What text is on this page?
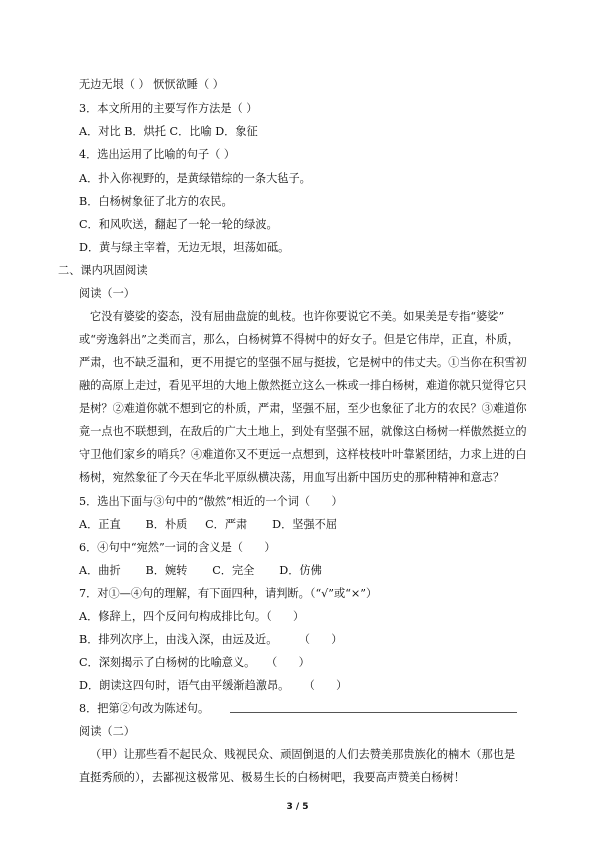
无边无垠（ ） 恹恹欲睡（ ）
3．本文所用的主要写作方法是（ ）
A．对比 B．烘托 C．比喻 D．象征
4．选出运用了比喻的句子（ ）
A．扑入你视野的，是黄绿错综的一条大毡子。
B．白杨树象征了北方的农民。
C．和风吹送，翻起了一轮一轮的绿波。
D．黄与绿主宰着，无边无垠，坦荡如砥。
二、课内巩固阅读
阅读（一）
它没有婆娑的姿态，没有屈曲盘旋的虬枝。也许你要说它不美。如果美是专指“婆娑”
或“旁逸斜出”之类而言，那么，白杨树算不得树中的好女子。但是它伟岸，正直，朴质，
严肃，也不缺乏温和，更不用提它的坚强不屈与挺拔，它是树中的伟丈夫。①当你在积雪初
融的高原上走过，看见平坦的大地上傲然挺立这么一株或一排白杨树，难道你就只觉得它只
是树？②难道你就不想到它的朴质，严肃，坚强不屈，至少也象征了北方的农民？③难道你
竟一点也不联想到，在敌后的广大土地上，到处有坚强不屈，就像这白杨树一样傲然挺立的
守卫他们家乡的哨兵？④难道你又不更远一点想到，这样枝枝叶叶靠紧团结，力求上进的白
杨树，宛然象征了今天在华北平原纵横决荡，用血写出新中国历史的那种精神和意志？
5．选出下面与③句中的“傲然”相近的一个词（      ）
A．正直       B．朴质     C．严肃       D．坚强不屈
6．④句中“宛然”一词的含义是（      ）
A．曲折       B．婉转       C．完全       D．仿佛
7．对①—④句的理解，有下面四种，请判断。（“√”或“×”）
A．修辞上，四个反问句构成排比句。（      ）
B．排列次序上，由浅入深，由远及近。      （      ）
C．深刻揭示了白杨树的比喻意义。   （      ）
D．朗读这四句时，语气由平缓渐趋激昂。    （      ）
8．把第②句改为陈述句。
阅读（二）
（甲）让那些看不起民众、贱视民众、顽固倒退的人们去赞美那贵族化的楠木（那也是
直挺秀颀的），去鄙视这极常见、极易生长的白杨树吧，我要高声赞美白杨树！
3 / 5
